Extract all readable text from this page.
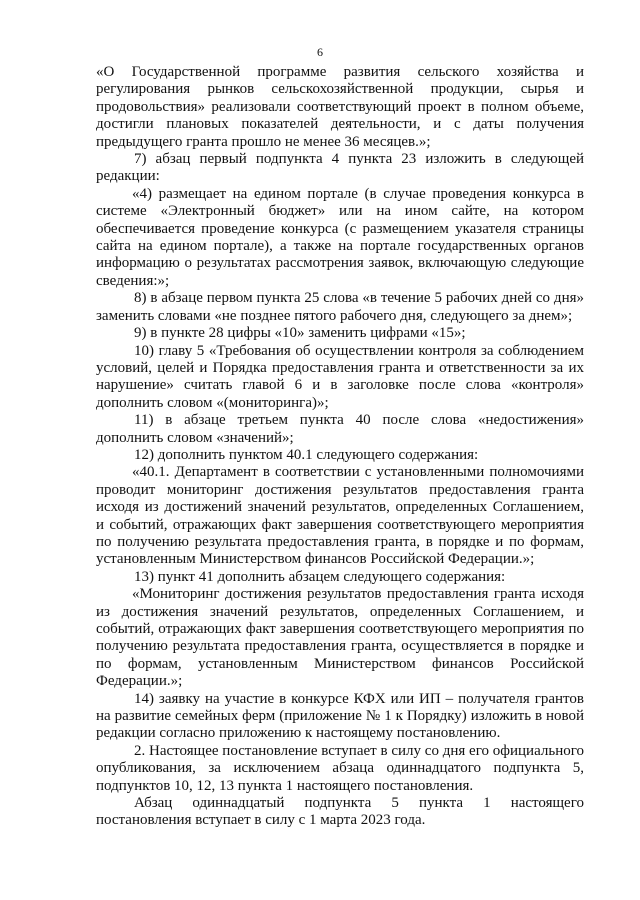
6

«О Государственной программе развития сельского хозяйства и регулирования рынков сельскохозяйственной продукции, сырья и продовольствия» реализовали соответствующий проект в полном объеме, достигли плановых показателей деятельности, и с даты получения предыдущего гранта прошло не менее 36 месяцев.»;

7) абзац первый подпункта 4 пункта 23 изложить в следующей редакции:

«4) размещает на едином портале (в случае проведения конкурса в системе «Электронный бюджет» или на ином сайте, на котором обеспечивается проведение конкурса (с размещением указателя страницы сайта на едином портале), а также на портале государственных органов информацию о результатах рассмотрения заявок, включающую следующие сведения:»;

8) в абзаце первом пункта 25 слова «в течение 5 рабочих дней со дня» заменить словами «не позднее пятого рабочего дня, следующего за днем»;

9) в пункте 28 цифры «10» заменить цифрами «15»;

10) главу 5 «Требования об осуществлении контроля за соблюдением условий, целей и Порядка предоставления гранта и ответственности за их нарушение» считать главой 6 и в заголовке после слова «контроля» дополнить словом «(мониторинга)»;

11) в абзаце третьем пункта 40 после слова «недостижения» дополнить словом «значений»;

12) дополнить пунктом 40.1 следующего содержания:

«40.1. Департамент в соответствии с установленными полномочиями проводит мониторинг достижения результатов предоставления гранта исходя из достижений значений результатов, определенных Соглашением, и событий, отражающих факт завершения соответствующего мероприятия по получению результата предоставления гранта, в порядке и по формам, установленным Министерством финансов Российской Федерации.»;

13) пункт 41 дополнить абзацем следующего содержания:

«Мониторинг достижения результатов предоставления гранта исходя из достижения значений результатов, определенных Соглашением, и событий, отражающих факт завершения соответствующего мероприятия по получению результата предоставления гранта, осуществляется в порядке и по формам, установленным Министерством финансов Российской Федерации.»;

14) заявку на участие в конкурсе КФХ или ИП – получателя грантов на развитие семейных ферм (приложение № 1 к Порядку) изложить в новой редакции согласно приложению к настоящему постановлению.

2. Настоящее постановление вступает в силу со дня его официального опубликования, за исключением абзаца одиннадцатого подпункта 5, подпунктов 10, 12, 13 пункта 1 настоящего постановления.

Абзац одиннадцатый подпункта 5 пункта 1 настоящего постановления вступает в силу с 1 марта 2023 года.
